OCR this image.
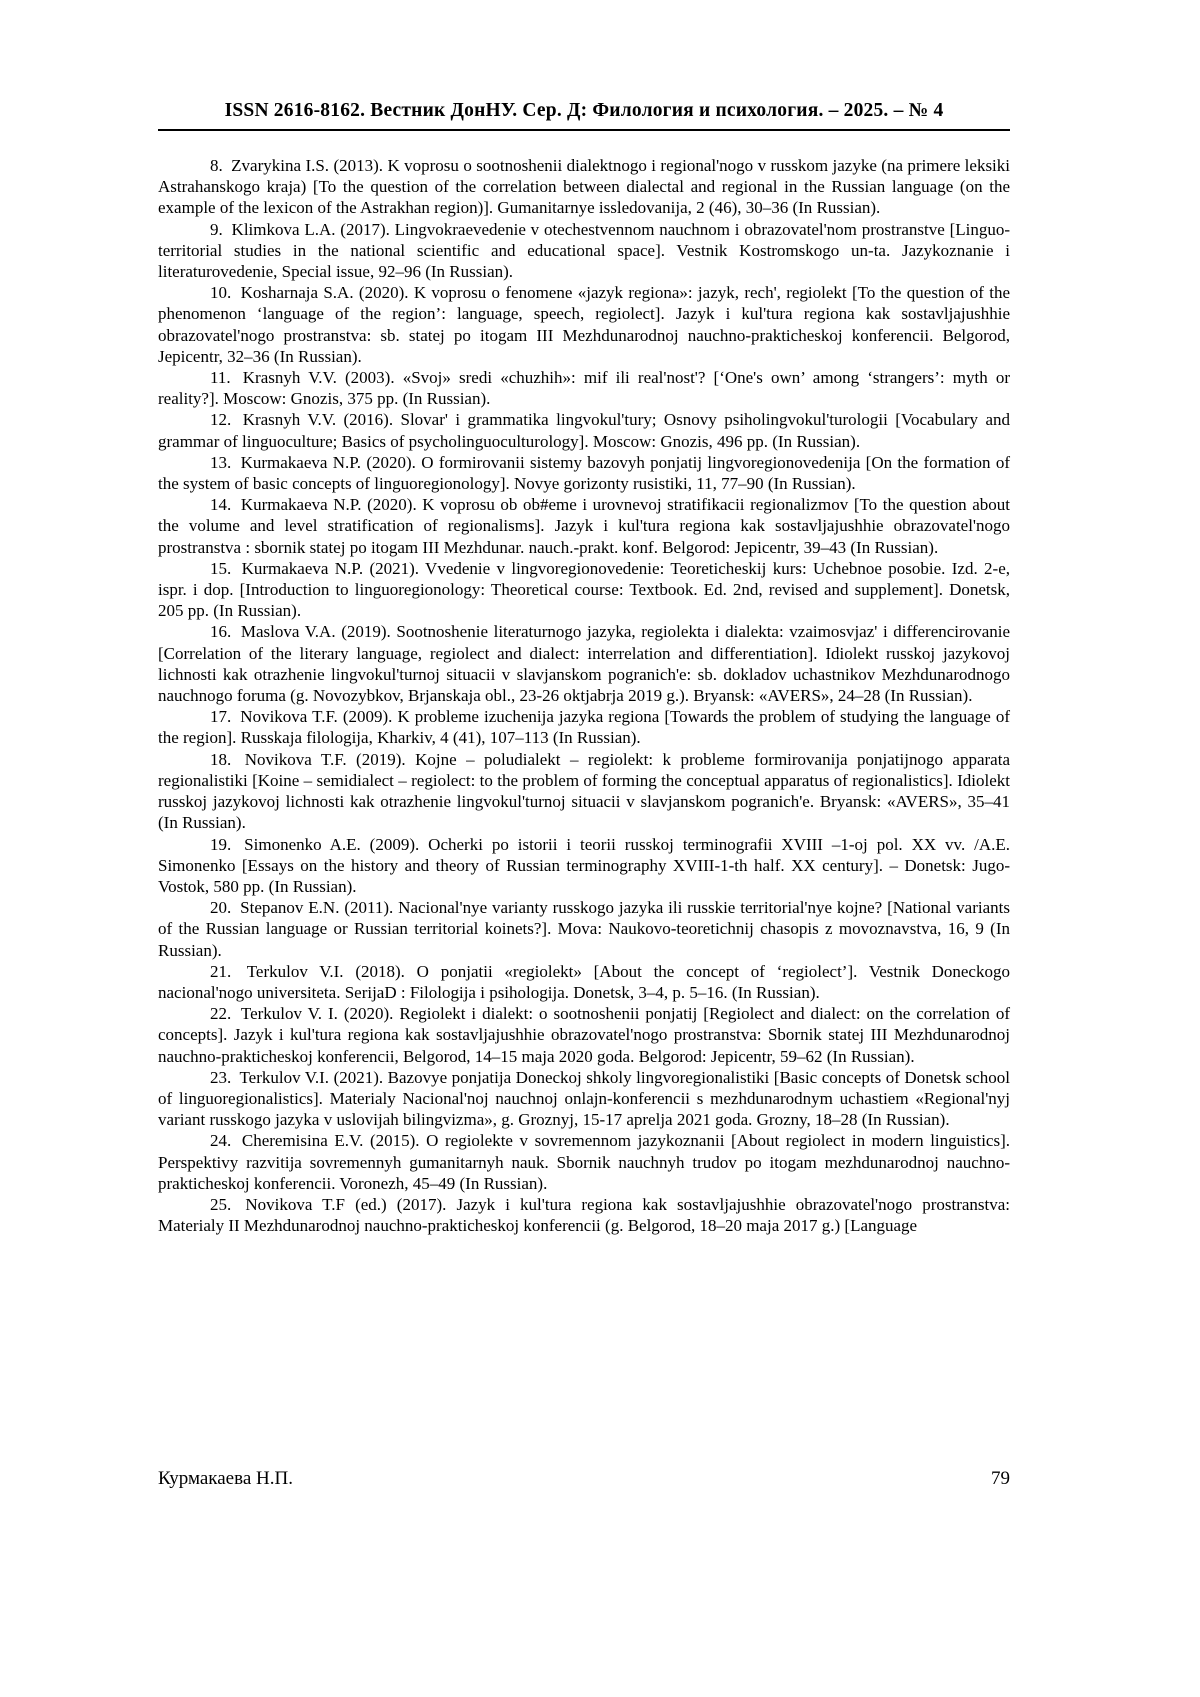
ISSN 2616-8162. Вестник ДонНУ. Сер. Д: Филология и психология. – 2025. – № 4

8. Zvarykina I.S. (2013). K voprosu o sootnoshenii dialektnogo i regional'nogo v russkom jazyke (na primere leksiki Astrahanskogo kraja) [To the question of the correlation between dialectal and regional in the Russian language (on the example of the lexicon of the Astrakhan region)]. Gumanitarnye issledovanija, 2 (46), 30–36 (In Russian).

9. Klimkova L.A. (2017). Lingvokraevedenie v otechestvennom nauchnom i obrazovatel'nom prostranstve [Linguo-territorial studies in the national scientific and educational space]. Vestnik Kostromskogo un-ta. Jazykoznanie i literaturovedenie, Special issue, 92–96 (In Russian).

10. Kosharnaja S.A. (2020). K voprosu o fenomene «jazyk regiona»: jazyk, rech', regiolekt [To the question of the phenomenon ‘language of the region’: language, speech, regiolect]. Jazyk i kul'tura regiona kak sostavljajushhie obrazovatel'nogo prostranstva: sb. statej po itogam III Mezhdunarodnoj nauchno-prakticheskoj konferencii. Belgorod, Jepicentr, 32–36 (In Russian).

11. Krasnyh V.V. (2003). «Svoj» sredi «chuzhih»: mif ili real'nost'? [‘One's own’ among ‘strangers’: myth or reality?]. Moscow: Gnozis, 375 pp. (In Russian).

12. Krasnyh V.V. (2016). Slovar' i grammatika lingvokul'tury; Osnovy psiholingvokul'turologii [Vocabulary and grammar of linguoculture; Basics of psycholinguoculturology]. Moscow: Gnozis, 496 pp. (In Russian).

13. Kurmakaeva N.P. (2020). O formirovanii sistemy bazovyh ponjatij lingvoregionovedenija [On the formation of the system of basic concepts of linguoregionology]. Novye gorizonty rusistiki, 11, 77–90 (In Russian).

14. Kurmakaeva N.P. (2020). K voprosu ob ob#eme i urovnevoj stratifikacii regionalizmov [To the question about the volume and level stratification of regionalisms]. Jazyk i kul'tura regiona kak sostavljajushhie obrazovatel'nogo prostranstva : sbornik statej po itogam III Mezhdunar. nauch.-prakt. konf. Belgorod: Jepicentr, 39–43 (In Russian).

15. Kurmakaeva N.P. (2021). Vvedenie v lingvoregionovedenie: Teoreticheskij kurs: Uchebnoe posobie. Izd. 2-e, ispr. i dop. [Introduction to linguoregionology: Theoretical course: Textbook. Ed. 2nd, revised and supplement]. Donetsk, 205 pp. (In Russian).

16. Maslova V.A. (2019). Sootnoshenie literaturnogo jazyka, regiolekta i dialekta: vzaimosvjaz' i differencirovanie [Correlation of the literary language, regiolect and dialect: interrelation and differentiation]. Idiolekt russkoj jazykovoj lichnosti kak otrazhenie lingvokul'turnoj situacii v slavjanskom pogranich'e: sb. dokladov uchastnikov Mezhdunarodnogo nauchnogo foruma (g. Novozybkov, Brjanskaja obl., 23-26 oktjabrja 2019 g.). Bryansk: «AVERS», 24–28 (In Russian).

17. Novikova T.F. (2009). K probleme izuchenija jazyka regiona [Towards the problem of studying the language of the region]. Russkaja filologija, Kharkiv, 4 (41), 107–113 (In Russian).

18. Novikova T.F. (2019). Kojne – poludialekt – regiolekt: k probleme formirovanija ponjatijnogo apparata regionalistiki [Koine – semidialect – regiolect: to the problem of forming the conceptual apparatus of regionalistics]. Idiolekt russkoj jazykovoj lichnosti kak otrazhenie lingvokul'turnoj situacii v slavjanskom pogranich'e. Bryansk: «AVERS», 35–41 (In Russian).

19. Simonenko A.E. (2009). Ocherki po istorii i teorii russkoj terminografii XVIII –1-oj pol. XX vv. /A.E. Simonenko [Essays on the history and theory of Russian terminography XVIII-1-th half. XX century]. – Donetsk: Jugo-Vostok, 580 pp. (In Russian).

20. Stepanov E.N. (2011). Nacional'nye varianty russkogo jazyka ili russkie territorial'nye kojne? [National variants of the Russian language or Russian territorial koinets?]. Mova: Naukovo-teoretichnij chasopis z movoznavstva, 16, 9 (In Russian).

21. Terkulov V.I. (2018). O ponjatii «regiolekt» [About the concept of ‘regiolect’]. Vestnik Doneckogo nacional'nogo universiteta. SerijaD : Filologija i psihologija. Donetsk, 3–4, p. 5–16. (In Russian).

22. Terkulov V. I. (2020). Regiolekt i dialekt: o sootnoshenii ponjatij [Regiolect and dialect: on the correlation of concepts]. Jazyk i kul'tura regiona kak sostavljajushhie obrazovatel'nogo prostranstva: Sbornik statej III Mezhdunarodnoj nauchno-prakticheskoj konferencii, Belgorod, 14–15 maja 2020 goda. Belgorod: Jepicentr, 59–62 (In Russian).

23. Terkulov V.I. (2021). Bazovye ponjatija Doneckoj shkoly lingvoregionalistiki [Basic concepts of Donetsk school of linguoregionalistics]. Materialy Nacional'noj nauchnoj onlajn-konferencii s mezhdunarodnym uchastiem «Regional'nyj variant russkogo jazyka v uslovijah bilingvizma», g. Groznyj, 15-17 aprelja 2021 goda. Grozny, 18–28 (In Russian).

24. Cheremisina E.V. (2015). O regiolekte v sovremennom jazykoznanii [About regiolect in modern linguistics]. Perspektivy razvitija sovremennyh gumanitarnyh nauk. Sbornik nauchnyh trudov po itogam mezhdunarodnoj nauchno-prakticheskoj konferencii. Voronezh, 45–49 (In Russian).

25. Novikova T.F (ed.) (2017). Jazyk i kul'tura regiona kak sostavljajushhie obrazovatel'nogo prostranstva: Materialy II Mezhdunarodnoj nauchno-prakticheskoj konferencii (g. Belgorod, 18–20 maja 2017 g.) [Language

Курмакаева Н.П.	79
